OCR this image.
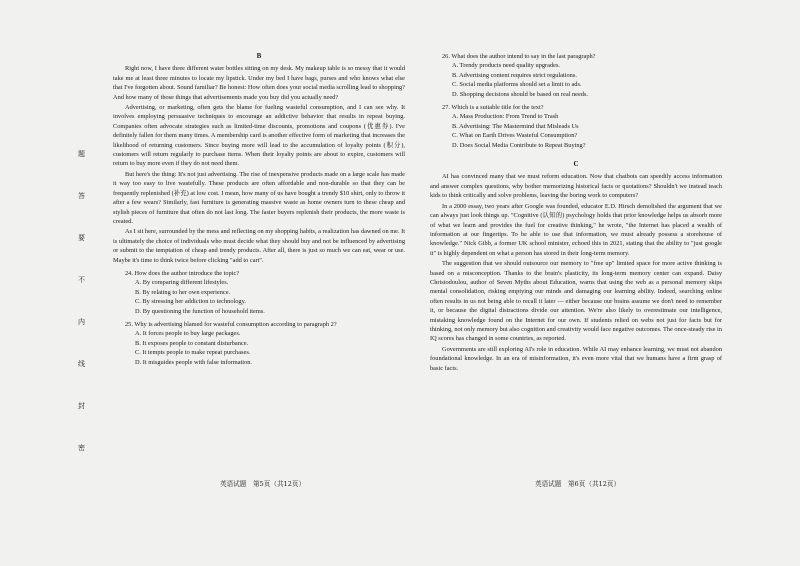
题
答
要
不
内
线
封
密
B

Right now, I have three different water bottles sitting on my desk. My makeup table is so messy that it would take me at least three minutes to locate my lipstick. Under my bed I have bags, purses and who knows what else that I've forgotten about. Sound familiar? Be honest: How often does your social media scrolling lead to shopping? And how many of those things that advertisements made you buy did you actually need?

Advertising, or marketing, often gets the blame for fueling wasteful consumption, and I can see why. It involves employing persuasive techniques to encourage an addictive behavior that results in repeat buying. Companies often advocate strategies such as limited-time discounts, promotions and coupons (优惠券). I've definitely fallen for them many times. A membership card is another effective form of marketing that increases the likelihood of returning customers. Since buying more will lead to the accumulation of loyalty points (积分), customers will return regularly to purchase items. When their loyalty points are about to expire, customers will return to buy more even if they do not need them.

But here's the thing: It's not just advertising. The rise of inexpensive products made on a large scale has made it way too easy to live wastefully. These products are often affordable and non-durable so that they can be frequently replenished (补充) at low cost. I mean, how many of us have bought a trendy $10 shirt, only to throw it after a few wears? Similarly, fast furniture is generating massive waste as home owners turn to these cheap and stylish pieces of furniture that often do not last long. The faster buyers replenish their products, the more waste is created.

As I sit here, surrounded by the mess and reflecting on my shopping habits, a realization has dawned on me. It is ultimately the choice of individuals who must decide what they should buy and not be influenced by advertising or submit to the temptation of cheap and trendy products. After all, there is just so much we can eat, wear or use. Maybe it's time to think twice before clicking "add to cart".

24. How does the author introduce the topic?

A. By comparing different lifestyles.

B. By relating to her own experience.

C. By stressing her addiction to technology.

D. By questioning the function of household items.

25. Why is advertising blamed for wasteful consumption according to paragraph 2?

A. It forces people to buy large packages.

B. It exposes people to constant disturbance.

C. It tempts people to make repeat purchases.

D. It misguides people with false information.

26. What does the author intend to say in the last paragraph?

A. Trendy products need quality upgrades.

B. Advertising content requires strict regulations.

C. Social media platforms should set a limit to ads.

D. Shopping decisions should be based on real needs.

27. Which is a suitable title for the text?

A. Mass Production: From Trend to Trash

B. Advertising: The Mastermind that Misleads Us

C. What on Earth Drives Wasteful Consumption?

D. Does Social Media Contribute to Repeat Buying?

C

AI has convinced many that we must reform education. Now that chatbots can speedily access information and answer complex questions, why bother memorizing historical facts or quotations? Shouldn't we instead teach kids to think critically and solve problems, leaving the boring work to computers?

In a 2000 essay, two years after Google was founded, educator E.D. Hirsch demolished the argument that we can always just look things up. "Cognitive (认知的) psychology holds that prior knowledge helps us absorb more of what we learn and provides the fuel for creative thinking," he wrote, "the Internet has placed a wealth of information at our fingertips. To be able to use that information, we must already possess a storehouse of knowledge." Nick Gibb, a former UK school minister, echoed this in 2021, stating that the ability to "just google it" is highly dependent on what a person has stored in their long-term memory.

The suggestion that we should outsource our memory to "free up" limited space for more active thinking is based on a misconception. Thanks to the brain's plasticity, its long-term memory center can expand. Daisy Christodoulou, author of Seven Myths about Education, warns that using the web as a personal memory skips mental consolidation, risking emptying our minds and damaging our learning ability. Indeed, searching online often results in us not being able to recall it later — either because our brains assume we don't need to remember it, or because the digital distractions divide our attention. We're also likely to overestimate our intelligence, mistaking knowledge found on the Internet for our own. If students relied on webs not just for facts but for thinking, not only memory but also cognition and creativity would face negative outcomes. The once-steady rise in IQ scores has changed in some countries, as reported.

Governments are still exploring AI's role in education. While AI may enhance learning, we must not abandon foundational knowledge. In an era of misinformation, it's even more vital that we humans have a firm grasp of basic facts.

英语试题　第5页（共12页）	英语试题　第6页（共12页）
